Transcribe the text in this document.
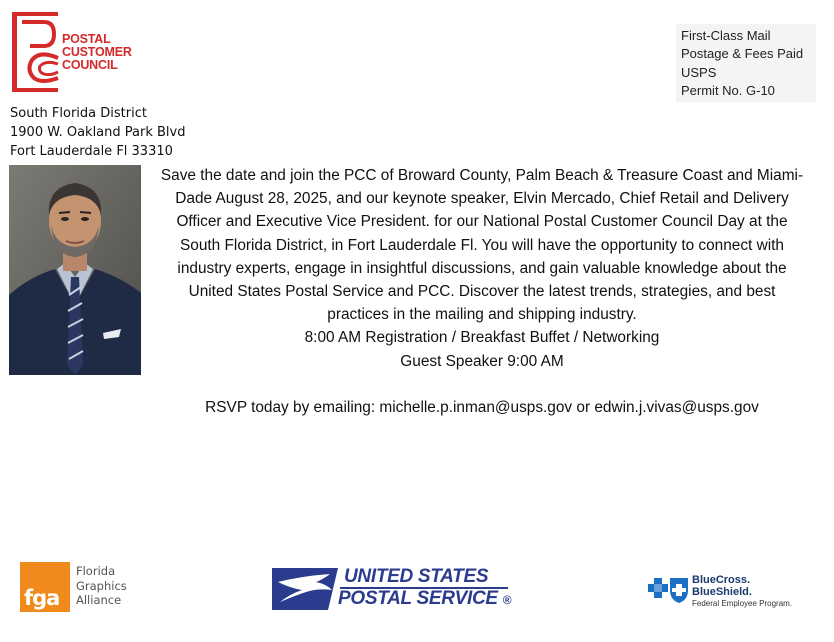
POSTAL
CUSTOMER
COUNCIL
First-Class Mail
Postage & Fees Paid
USPS
Permit No. G-10
South Florida District
1900 W. Oakland Park Blvd
Fort Lauderdale Fl 33310

Save the date and join the PCC of Broward County, Palm Beach & Treasure Coast and Miami-Dade August 28, 2025, and our keynote speaker, Elvin Mercado, Chief Retail and Delivery Officer and Executive Vice President. for our National Postal Customer Council Day at the South Florida District, in Fort Lauderdale Fl. You will have the opportunity to connect with industry experts, engage in insightful discussions, and gain valuable knowledge about the United States Postal Service and PCC. Discover the latest trends, strategies, and best practices in the mailing and shipping industry.

8:00 AM Registration / Breakfast Buffet / Networking

Guest Speaker 9:00 AM

RSVP today by emailing: michelle.p.inman@usps.gov or edwin.j.vivas@usps.gov

fga
Florida
Graphics
Alliance
UNITED STATES
POSTAL SERVICE ®
BlueCross.
BlueShield.
Federal Employee Program.
